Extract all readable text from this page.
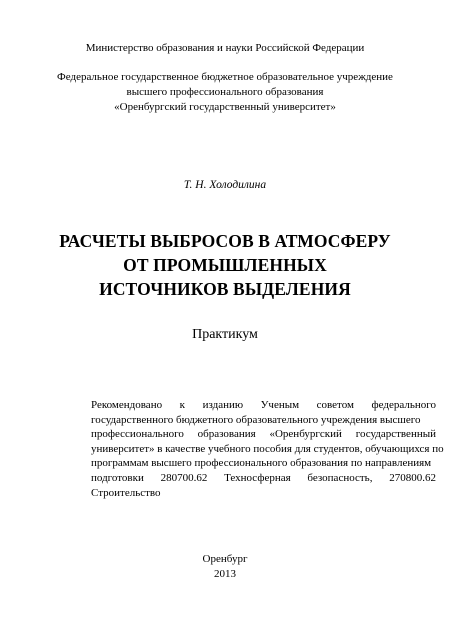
Министерство образования и науки Российской Федерации
Федеральное государственное бюджетное образовательное учреждение
высшего профессионального образования
«Оренбургский государственный университет»
Т. Н. Холодилина
РАСЧЕТЫ ВЫБРОСОВ В АТМОСФЕРУ
ОТ ПРОМЫШЛЕННЫХ
ИСТОЧНИКОВ ВЫДЕЛЕНИЯ
Практикум
Рекомендовано к изданию Ученым советом федерального
государственного бюджетного образовательного учреждения высшего
профессионального образования «Оренбургский государственный
университет» в качестве учебного пособия для студентов, обучающихся по
программам высшего профессионального образования по направлениям
подготовки 280700.62 Техносферная безопасность, 270800.62
Строительство
Оренбург
2013
